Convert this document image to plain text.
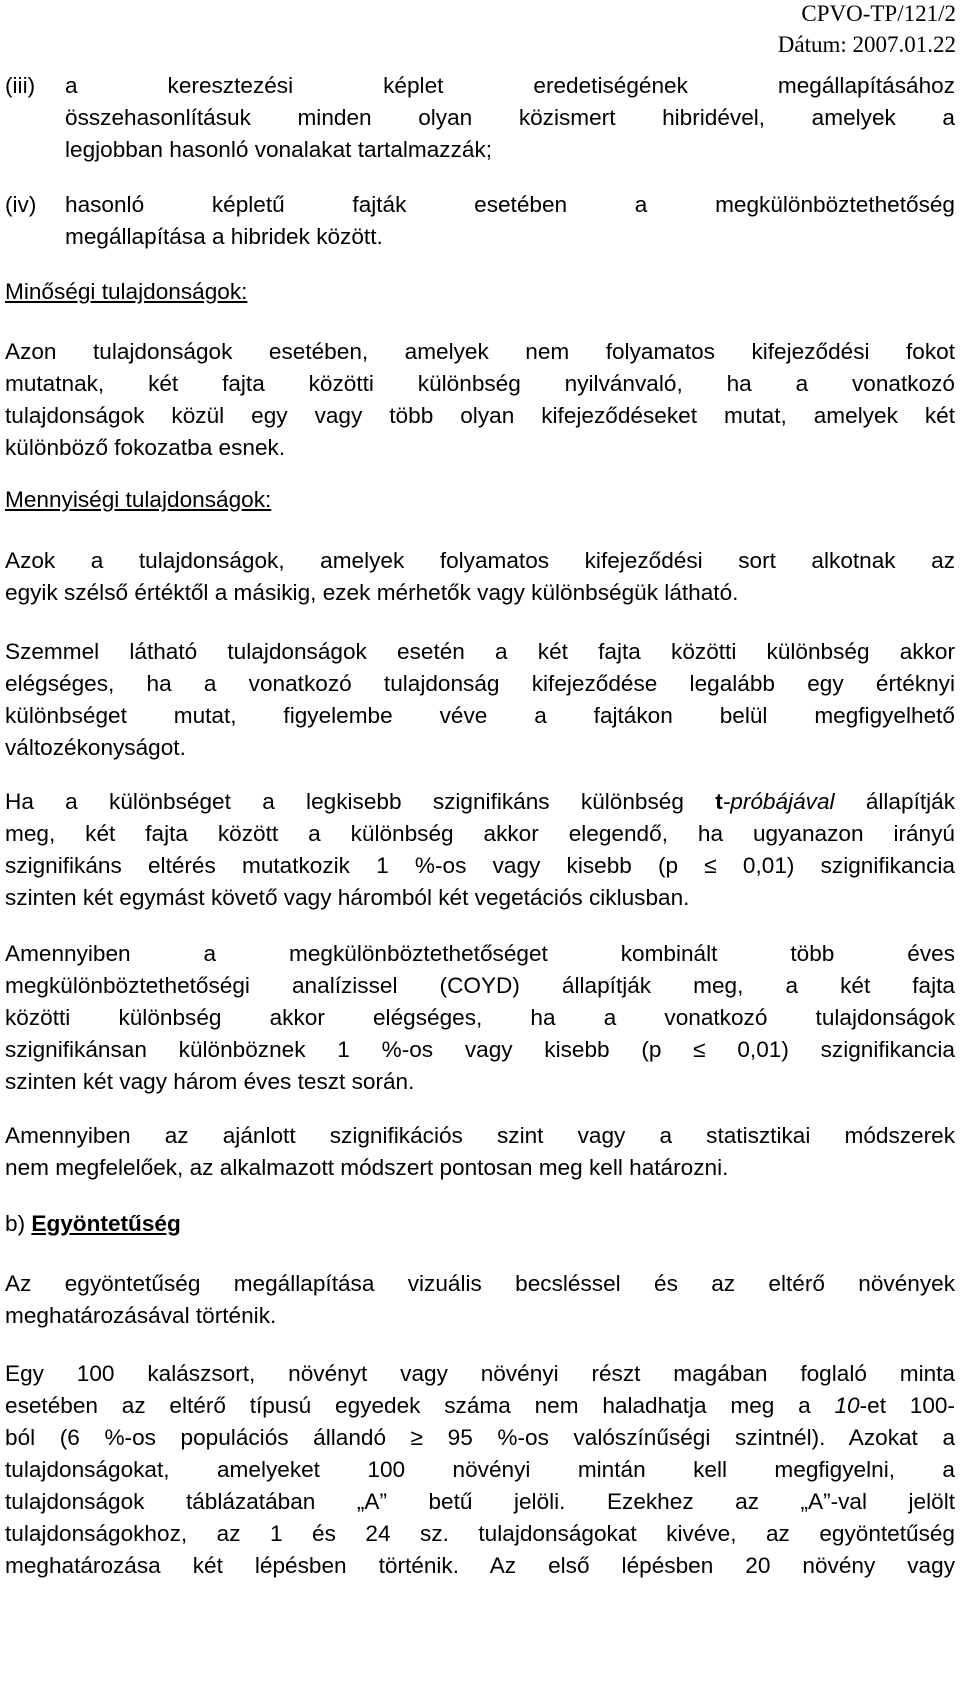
CPVO-TP/121/2
Dátum: 2007.01.22
(iii) a keresztezési képlet eredetiségének megállapításához
összehasonlításuk minden olyan közismert hibridével, amelyek a
legjobban hasonló vonalakat tartalmazzák;
(iv) hasonló képletű fajták esetében a megkülönböztethetőség
megállapítása a hibridek között.
Minőségi tulajdonságok:
Azon tulajdonságok esetében, amelyek nem folyamatos kifejeződési fokot
mutatnak, két fajta közötti különbség nyilvánvaló, ha a vonatkozó
tulajdonságok közül egy vagy több olyan kifejeződéseket mutat, amelyek két
különböző fokozatba esnek.
Mennyiségi tulajdonságok:
Azok a tulajdonságok, amelyek folyamatos kifejeződési sort alkotnak az
egyik szélső értéktől a másikig, ezek mérhetők vagy különbségük látható.
Szemmel látható tulajdonságok esetén a két fajta közötti különbség akkor
elégséges, ha a vonatkozó tulajdonság kifejeződése legalább egy értéknyi
különbséget mutat, figyelembe véve a fajtákon belül megfigyelhető
változékonyságot.
Ha a különbséget a legkisebb szignifikáns különbség t-próbájával állapítják
meg, két fajta között a különbség akkor elegendő, ha ugyanazon irányú
szignifikáns eltérés mutatkozik 1 %-os vagy kisebb (p ≤ 0,01) szignifikancia
szinten két egymást követő vagy háromból két vegetációs ciklusban.
Amennyiben a megkülönböztethetőséget kombinált több éves
megkülönböztethetőségi analízissel (COYD) állapítják meg, a két fajta
közötti különbség akkor elégséges, ha a vonatkozó tulajdonságok
szignifikánsan különböznek 1 %-os vagy kisebb (p ≤ 0,01) szignifikancia
szinten két vagy három éves teszt során.
Amennyiben az ajánlott szignifikációs szint vagy a statisztikai módszerek
nem megfelelőek, az alkalmazott módszert pontosan meg kell határozni.
b) Egyöntetűség
Az egyöntetűség megállapítása vizuális becsléssel és az eltérő növények
meghatározásával történik.
Egy 100 kalászsort, növényt vagy növényi részt magában foglaló minta
esetében az eltérő típusú egyedek száma nem haladhatja meg a 10-et 100-
ból (6 %-os populációs állandó ≥ 95 %-os valószínűségi szintnél). Azokat a
tulajdonságokat, amelyeket 100 növényi mintán kell megfigyelni, a
tulajdonságok táblázatában „A” betű jelöli. Ezekhez az „A”-val jelölt
tulajdonságokhoz, az 1 és 24 sz. tulajdonságokat kivéve, az egyöntetűség
meghatározása két lépésben történik. Az első lépésben 20 növény vagy
